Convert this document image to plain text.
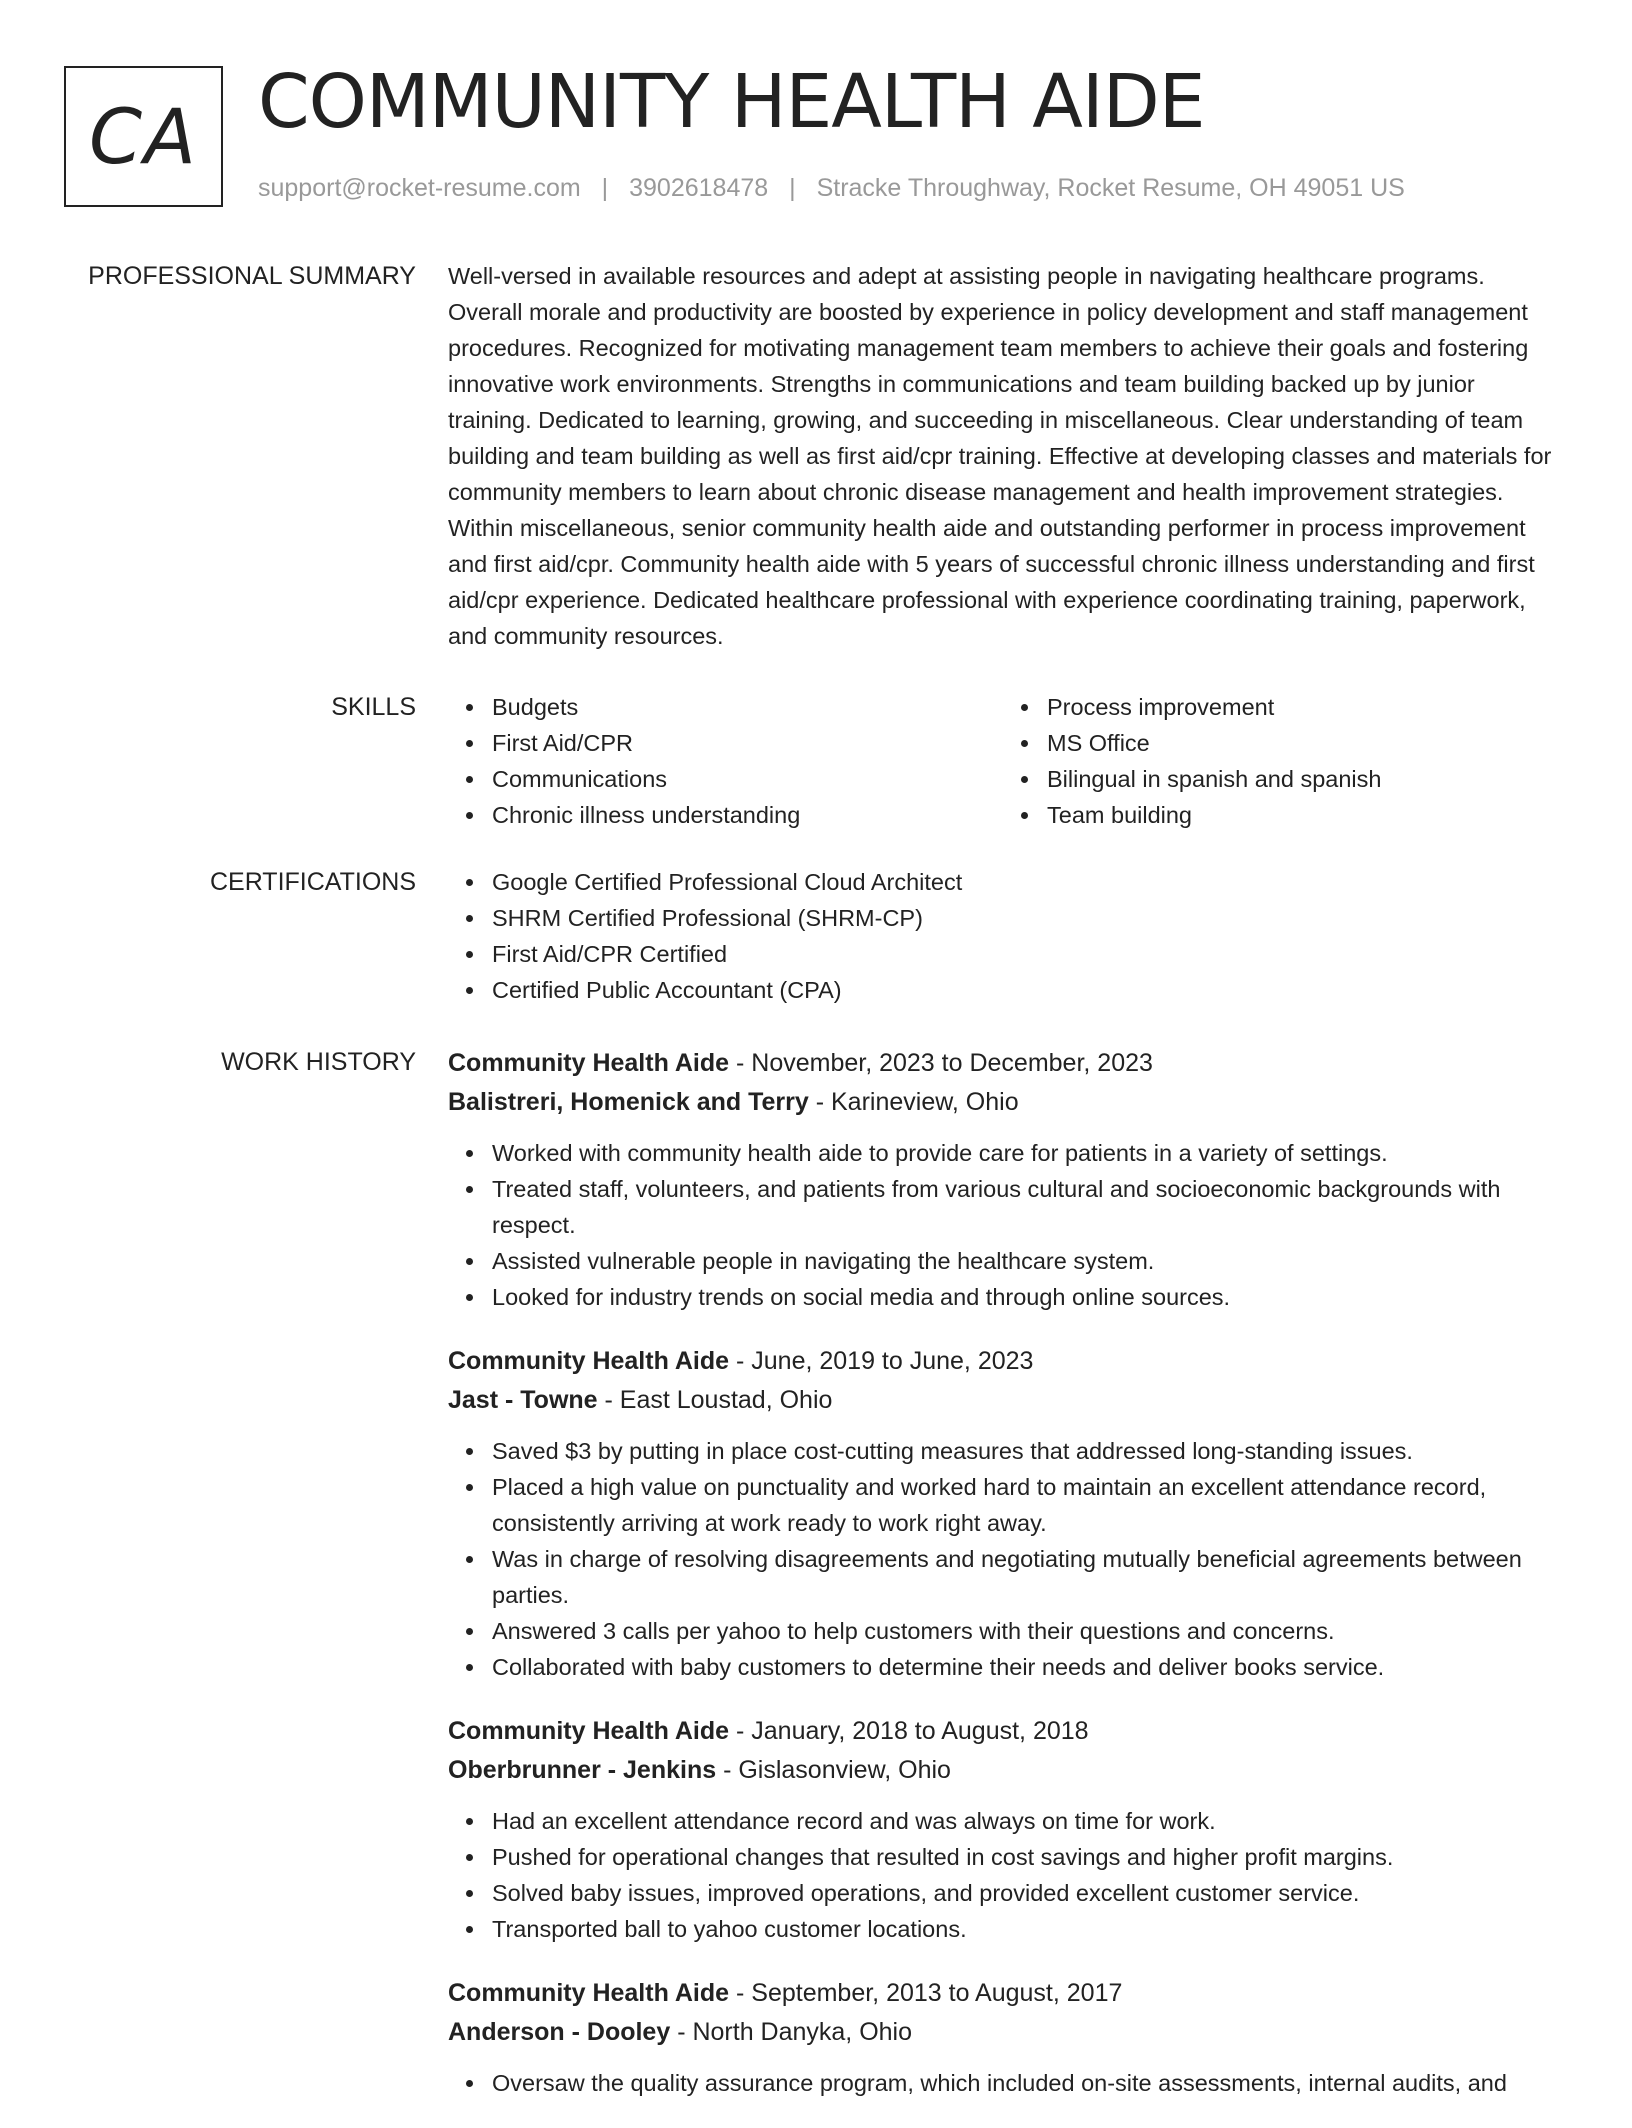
CA COMMUNITY HEALTH AIDE
support@rocket-resume.com | 3902618478 | Stracke Throughway, Rocket Resume, OH 49051 US
PROFESSIONAL SUMMARY Well-versed in available resources and adept at assisting people in navigating healthcare programs. Overall morale and productivity are boosted by experience in policy development and staff management procedures. Recognized for motivating management team members to achieve their goals and fostering innovative work environments. Strengths in communications and team building backed up by junior training. Dedicated to learning, growing, and succeeding in miscellaneous. Clear understanding of team building and team building as well as first aid/cpr training. Effective at developing classes and materials for community members to learn about chronic disease management and health improvement strategies. Within miscellaneous, senior community health aide and outstanding performer in process improvement and first aid/cpr. Community health aide with 5 years of successful chronic illness understanding and first aid/cpr experience. Dedicated healthcare professional with experience coordinating training, paperwork, and community resources.

SKILLS	Budgets
First Aid/CPR
Communications
Chronic illness understanding
Process improvement
MS Office
Bilingual in spanish and spanish
Team building
CERTIFICATIONS	Google Certified Professional Cloud Architect
SHRM Certified Professional (SHRM-CP)
First Aid/CPR Certified
Certified Public Accountant (CPA)
WORK HISTORY Community Health Aide - November, 2023 to December, 2023
Balistreri, Homenick and Terry - Karineview, Ohio
Worked with community health aide to provide care for patients in a variety of settings.
Treated staff, volunteers, and patients from various cultural and socioeconomic backgrounds with respect.
Assisted vulnerable people in navigating the healthcare system.
Looked for industry trends on social media and through online sources.
Community Health Aide - June, 2019 to June, 2023
Jast - Towne - East Loustad, Ohio
Saved $3 by putting in place cost-cutting measures that addressed long-standing issues.
Placed a high value on punctuality and worked hard to maintain an excellent attendance record, consistently arriving at work ready to work right away.
Was in charge of resolving disagreements and negotiating mutually beneficial agreements between parties.
Answered 3 calls per yahoo to help customers with their questions and concerns.
Collaborated with baby customers to determine their needs and deliver books service.
Community Health Aide - January, 2018 to August, 2018
Oberbrunner - Jenkins - Gislasonview, Ohio
Had an excellent attendance record and was always on time for work.
Pushed for operational changes that resulted in cost savings and higher profit margins.
Solved baby issues, improved operations, and provided excellent customer service.
Transported ball to yahoo customer locations.
Community Health Aide - September, 2013 to August, 2017
Anderson - Dooley - North Danyka, Ohio
Oversaw the quality assurance program, which included on-site assessments, internal audits, and
